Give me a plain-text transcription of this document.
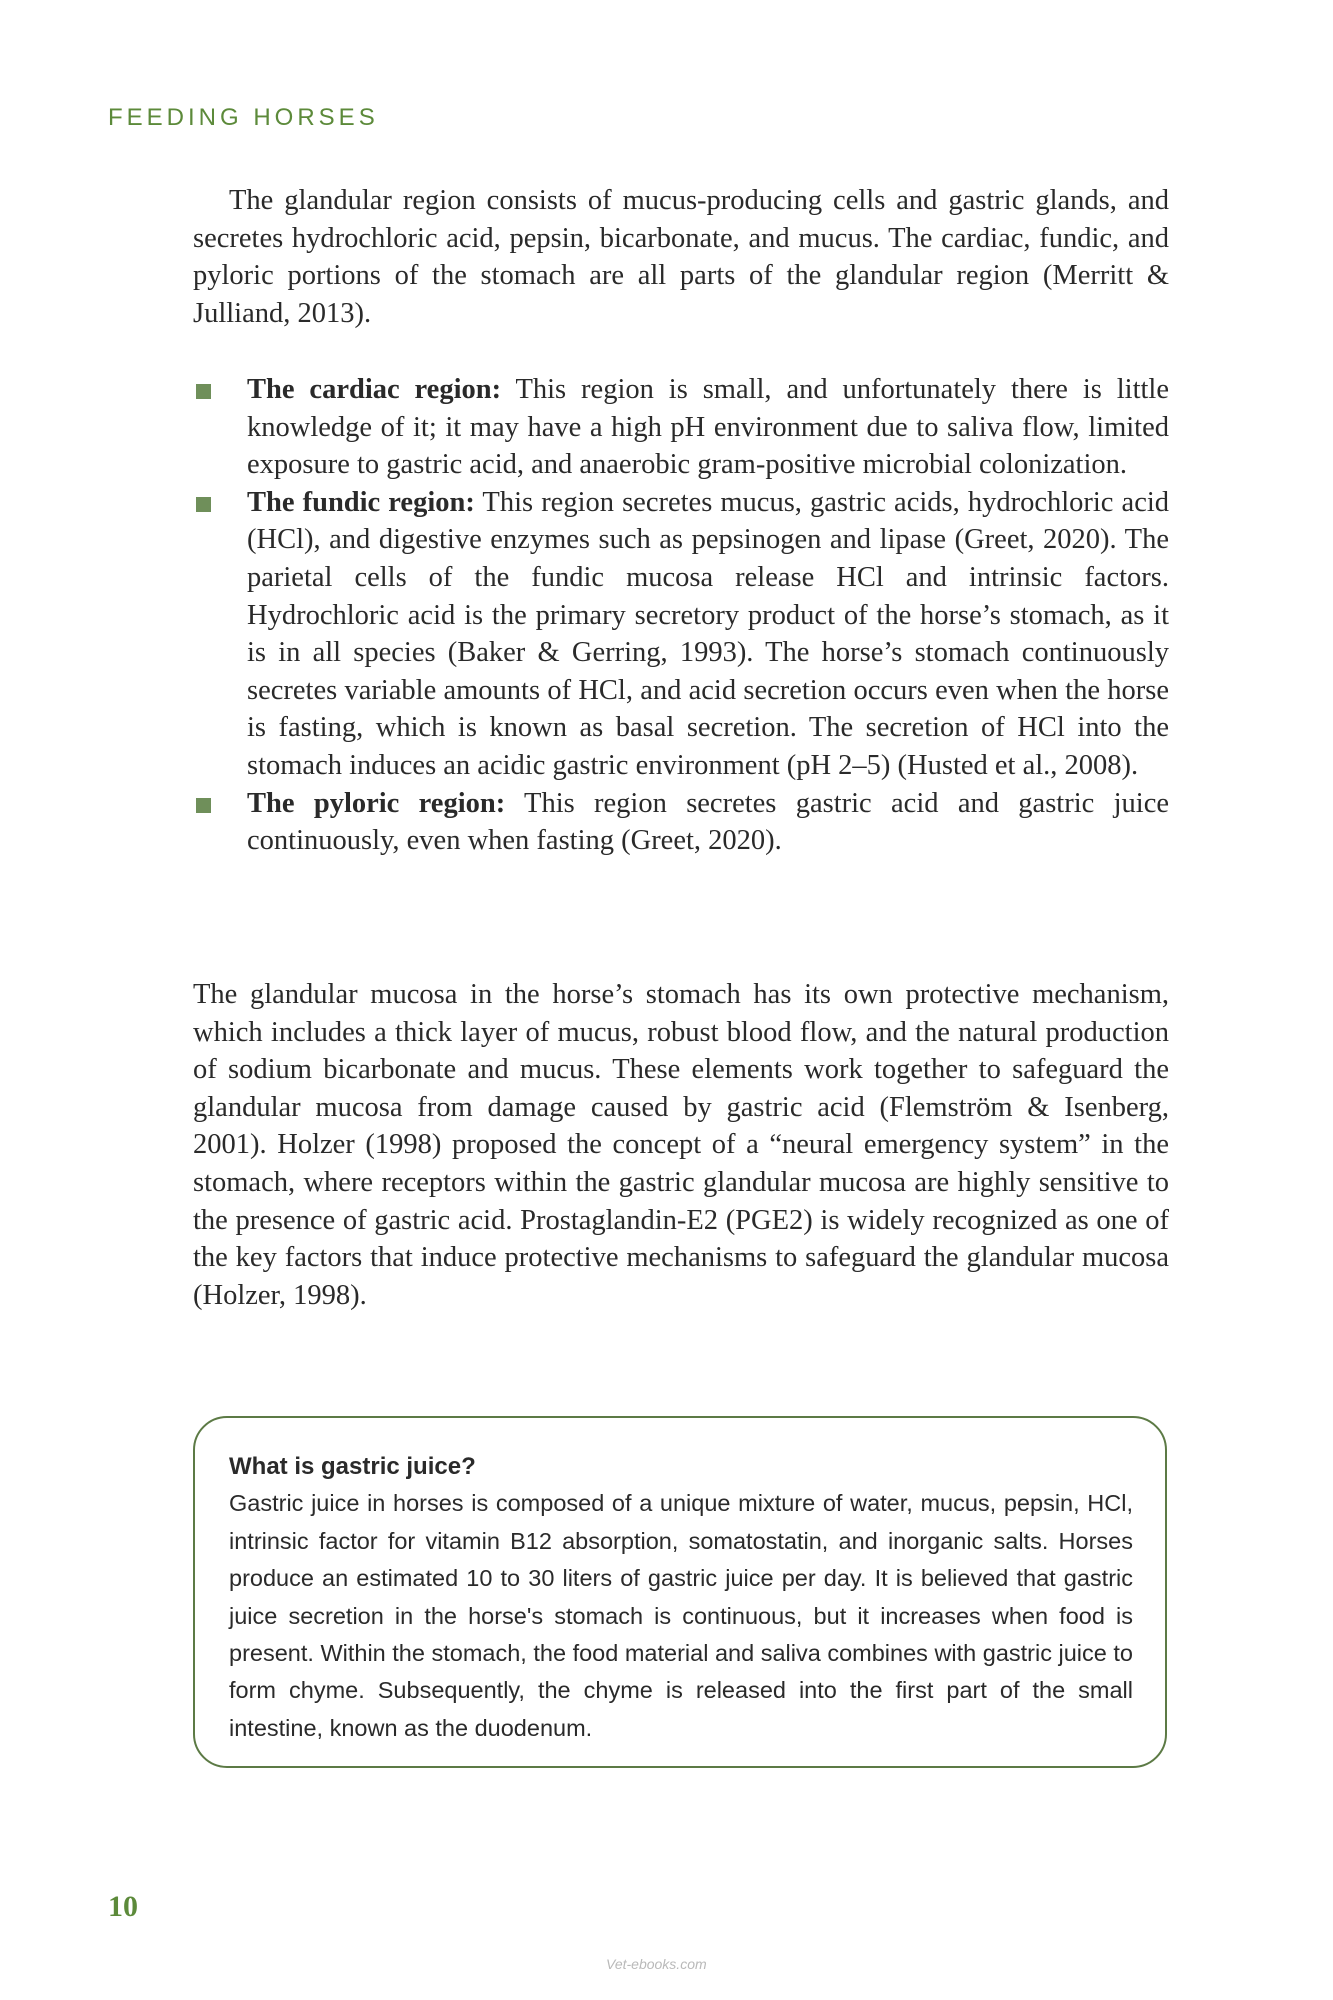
FEEDING HORSES

The glandular region consists of mucus-producing cells and gastric glands, and secretes hydrochloric acid, pepsin, bicarbonate, and mucus. The cardiac, fundic, and pyloric portions of the stomach are all parts of the glandular region (Merritt & Julliand, 2013).

The cardiac region: This region is small, and unfortunately there is little knowledge of it; it may have a high pH environment due to saliva flow, limited exposure to gastric acid, and anaerobic gram-positive microbial colonization.
The fundic region: This region secretes mucus, gastric acids, hydrochloric acid (HCl), and digestive enzymes such as pepsinogen and lipase (Greet, 2020). The parietal cells of the fundic mucosa release HCl and intrinsic factors. Hydrochloric acid is the primary secretory product of the horse’s stomach, as it is in all species (Baker & Gerring, 1993). The horse’s stomach continuously secretes variable amounts of HCl, and acid secretion occurs even when the horse is fasting, which is known as basal secretion. The secretion of HCl into the stomach induces an acidic gastric environment (pH 2–5) (Husted et al., 2008).
The pyloric region: This region secretes gastric acid and gastric juice continuously, even when fasting (Greet, 2020).

The glandular mucosa in the horse’s stomach has its own protective mechanism, which includes a thick layer of mucus, robust blood flow, and the natural production of sodium bicarbonate and mucus. These elements work together to safeguard the glandular mucosa from damage caused by gastric acid (Flemström & Isenberg, 2001). Holzer (1998) proposed the concept of a “neural emergency system” in the stomach, where receptors within the gastric glandular mucosa are highly sensitive to the presence of gastric acid. Prostaglandin-E2 (PGE2) is widely recognized as one of the key factors that induce protective mechanisms to safeguard the glandular mucosa (Holzer, 1998).

What is gastric juice?

Gastric juice in horses is composed of a unique mixture of water, mucus, pepsin, HCl, intrinsic factor for vitamin B12 absorption, somatostatin, and inorganic salts. Horses produce an estimated 10 to 30 liters of gastric juice per day. It is believed that gastric juice secretion in the horse's stomach is continuous, but it increases when food is present. Within the stomach, the food material and saliva combines with gastric juice to form chyme. Subsequently, the chyme is released into the first part of the small intestine, known as the duodenum.

10
Vet-ebooks.com
